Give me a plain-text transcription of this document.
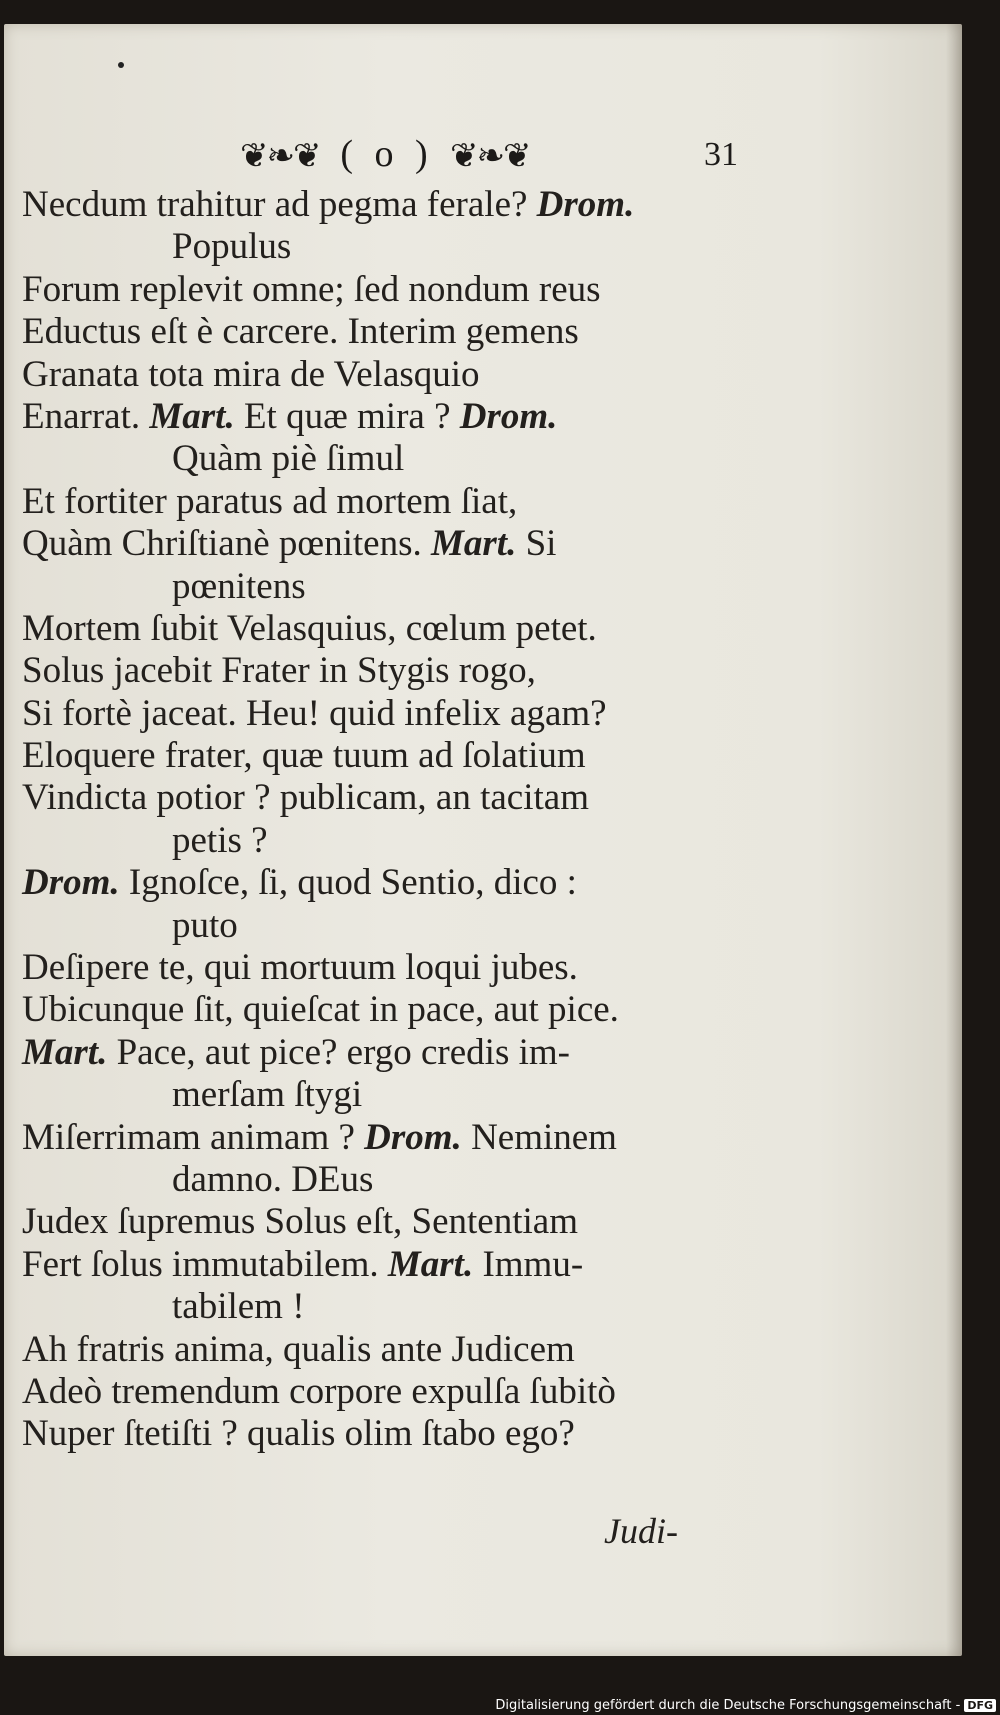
❦❧❦ ( o ) ❦❧❦	31
Necdum trahitur ad pegma ferale? Drom.
Populus
Forum replevit omne; ſed nondum reus
Eductus eſt è carcere. Interim gemens
Granata tota mira de Velasquio
Enarrat. Mart. Et quæ mira ? Drom.
Quàm piè ſimul
Et fortiter paratus ad mortem ſiat,
Quàm Chriſtianè pœnitens. Mart. Si
pœnitens
Mortem ſubit Velasquius, cœlum petet.
Solus jacebit Frater in Stygis rogo,
Si fortè jaceat. Heu! quid infelix agam?
Eloquere frater, quæ tuum ad ſolatium
Vindicta potior ? publicam, an tacitam
petis ?
Drom. Ignoſce, ſi, quod Sentio, dico :
puto
Deſipere te, qui mortuum loqui jubes.
Ubicunque ſit, quieſcat in pace, aut pice.
Mart. Pace, aut pice? ergo credis im-
merſam ſtygi
Miſerrimam animam ? Drom. Neminem
damno. DEus
Judex ſupremus Solus eſt, Sententiam
Fert ſolus immutabilem. Mart. Immu-
tabilem !
Ah fratris anima, qualis ante Judicem
Adeò tremendum corpore expulſa ſubitò
Nuper ſtetiſti ? qualis olim ſtabo ego?
Judi-
Digitalisierung gefördert durch die Deutsche Forschungsgemeinschaft - DFG
